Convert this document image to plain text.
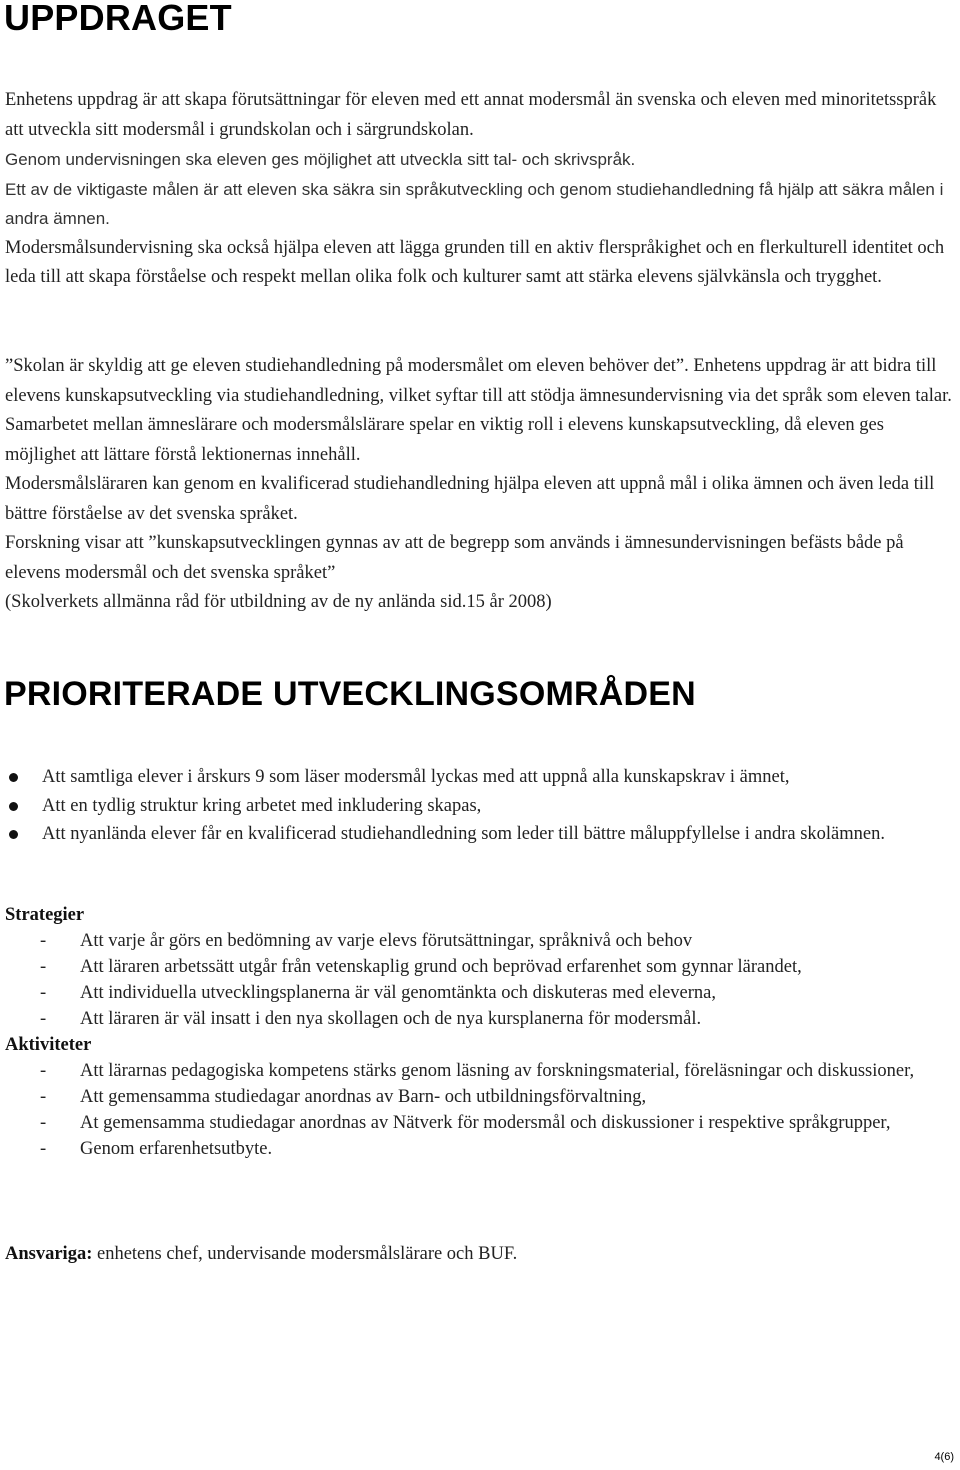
UPPDRAGET

Enhetens uppdrag är att skapa förutsättningar för eleven med ett annat modersmål än svenska och eleven med minoritetsspråk att utveckla sitt modersmål i grundskolan och i särgrundskolan.

Genom undervisningen ska eleven ges möjlighet att utveckla sitt tal- och skrivspråk.

Ett av de viktigaste målen är att eleven ska säkra sin språkutveckling och genom studiehandledning få hjälp att säkra målen i andra ämnen.

Modersmålsundervisning ska också hjälpa eleven att lägga grunden till en aktiv flerspråkighet och en flerkulturell identitet och leda till att skapa förståelse och respekt mellan olika folk och kulturer samt att stärka elevens självkänsla och trygghet.

”Skolan är skyldig att ge eleven studiehandledning på modersmålet om eleven behöver det”. Enhetens uppdrag är att bidra till elevens kunskapsutveckling via studiehandledning, vilket syftar till att stödja ämnesundervisning via det språk som eleven talar. Samarbetet mellan ämneslärare och modersmålslärare spelar en viktig roll i elevens kunskapsutveckling, då eleven ges möjlighet att lättare förstå lektionernas innehåll.

Modersmålsläraren kan genom en kvalificerad studiehandledning hjälpa eleven att uppnå mål i olika ämnen och även leda till bättre förståelse av det svenska språket.

Forskning visar att ”kunskapsutvecklingen gynnas av att de begrepp som används i ämnesundervisningen befästs både på elevens modersmål och det svenska språket”

(Skolverkets allmänna råd för utbildning av de ny anlända sid.15 år 2008)

PRIORITERADE UTVECKLINGSOMRÅDEN
Att samtliga elever i årskurs 9 som läser modersmål lyckas med att uppnå alla kunskapskrav i ämnet,
Att en tydlig struktur kring arbetet med inkludering skapas,
Att nyanlända elever får en kvalificerad studiehandledning som leder till bättre måluppfyllelse i andra skolämnen.

Strategier

- Att varje år görs en bedömning av varje elevs förutsättningar, språknivå och behov
- Att läraren arbetssätt utgår från vetenskaplig grund och beprövad erfarenhet som gynnar lärandet,
- Att individuella utvecklingsplanerna är väl genomtänkta och diskuteras med eleverna,
- Att läraren är väl insatt i den nya skollagen och de nya kursplanerna för modersmål.

Aktiviteter

- Att lärarnas pedagogiska kompetens stärks genom läsning av forskningsmaterial, föreläsningar och diskussioner,
- Att gemensamma studiedagar anordnas av Barn- och utbildningsförvaltning,
- At gemensamma studiedagar anordnas av Nätverk för modersmål och diskussioner i respektive språkgrupper,
- Genom erfarenhetsutbyte.

Ansvariga: enhetens chef, undervisande modersmålslärare och BUF.

4(6)
